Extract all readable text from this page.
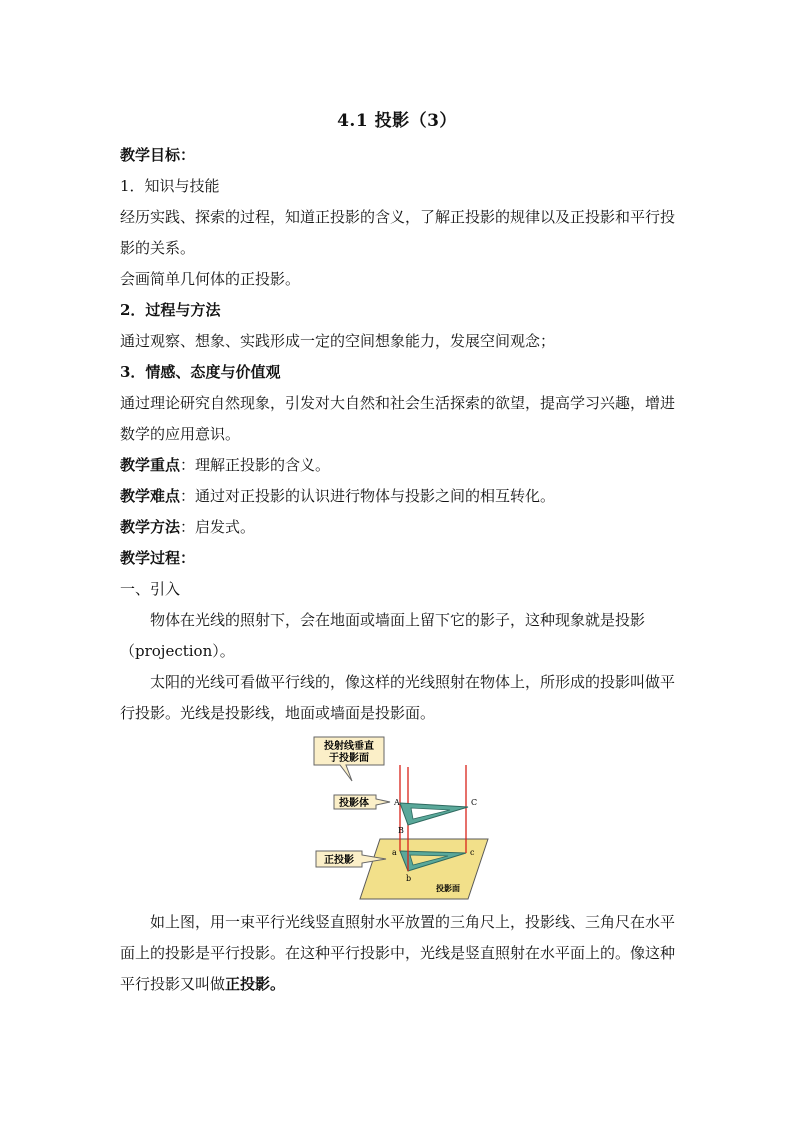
4.1 投影（3）

教学目标：

1．知识与技能

经历实践、探索的过程，知道正投影的含义，了解正投影的规律以及正投影和平行投影的关系。

会画简单几何体的正投影。

2．过程与方法

通过观察、想象、实践形成一定的空间想象能力，发展空间观念；

3．情感、态度与价值观

通过理论研究自然现象，引发对大自然和社会生活探索的欲望，提高学习兴趣，增进数学的应用意识。

教学重点：理解正投影的含义。

教学难点：通过对正投影的认识进行物体与投影之间的相互转化。

教学方法：启发式。

教学过程：

一、引入

物体在光线的照射下，会在地面或墙面上留下它的影子，这种现象就是投影（projection）。

太阳的光线可看做平行线的，像这样的光线照射在物体上，所形成的投影叫做平行投影。光线是投影线，地面或墙面是投影面。

投射线垂直
于投影面
投影体
正投影
A
B
C
a
b
c
投影面

如上图，用一束平行光线竖直照射水平放置的三角尺上，投影线、三角尺在水平面上的投影是平行投影。在这种平行投影中，光线是竖直照射在水平面上的。像这种平行投影又叫做正投影。
